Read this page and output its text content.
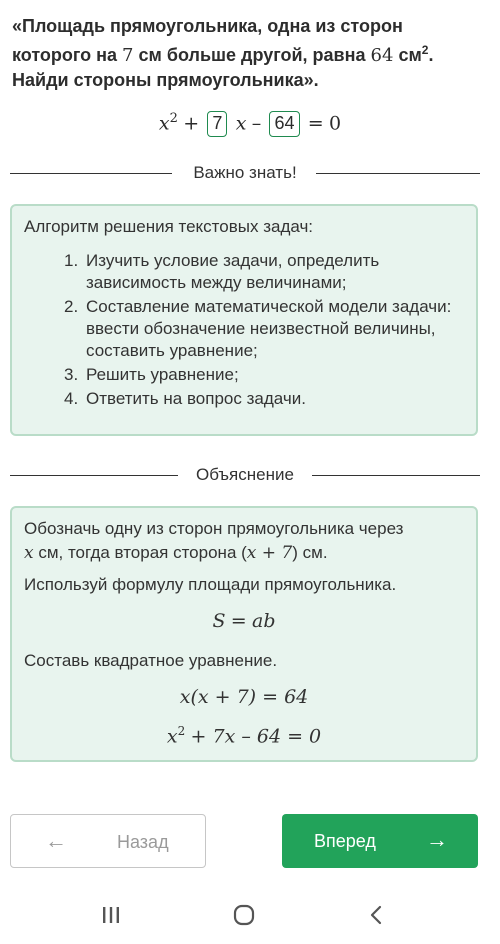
«Площадь прямоугольника, одна из сторон
которого на 7 см больше другой, равна 64 $см^2$.
Найди стороны прямоугольника».
$x^2 + 7$ x – 64 = 0
Важно знать!
Алгоритм решения текстовых задач:
1. Изучить условие задачи, определить зависимость между величинами;
2. Составление математической модели задачи: ввести обозначение неизвестной величины, составить уравнение;
3. Решить уравнение;
4. Ответить на вопрос задачи.
Объяснение

Обозначь одну из сторон прямоугольника через

x см, тогда вторая сторона (x + 7) см.

Используй формулу площади прямоугольника.

S = ab

Составь квадратное уравнение.

x(x + 7) = 64
$x^2 + 7x - 64 = 0$
←	Назад	Вперед →
